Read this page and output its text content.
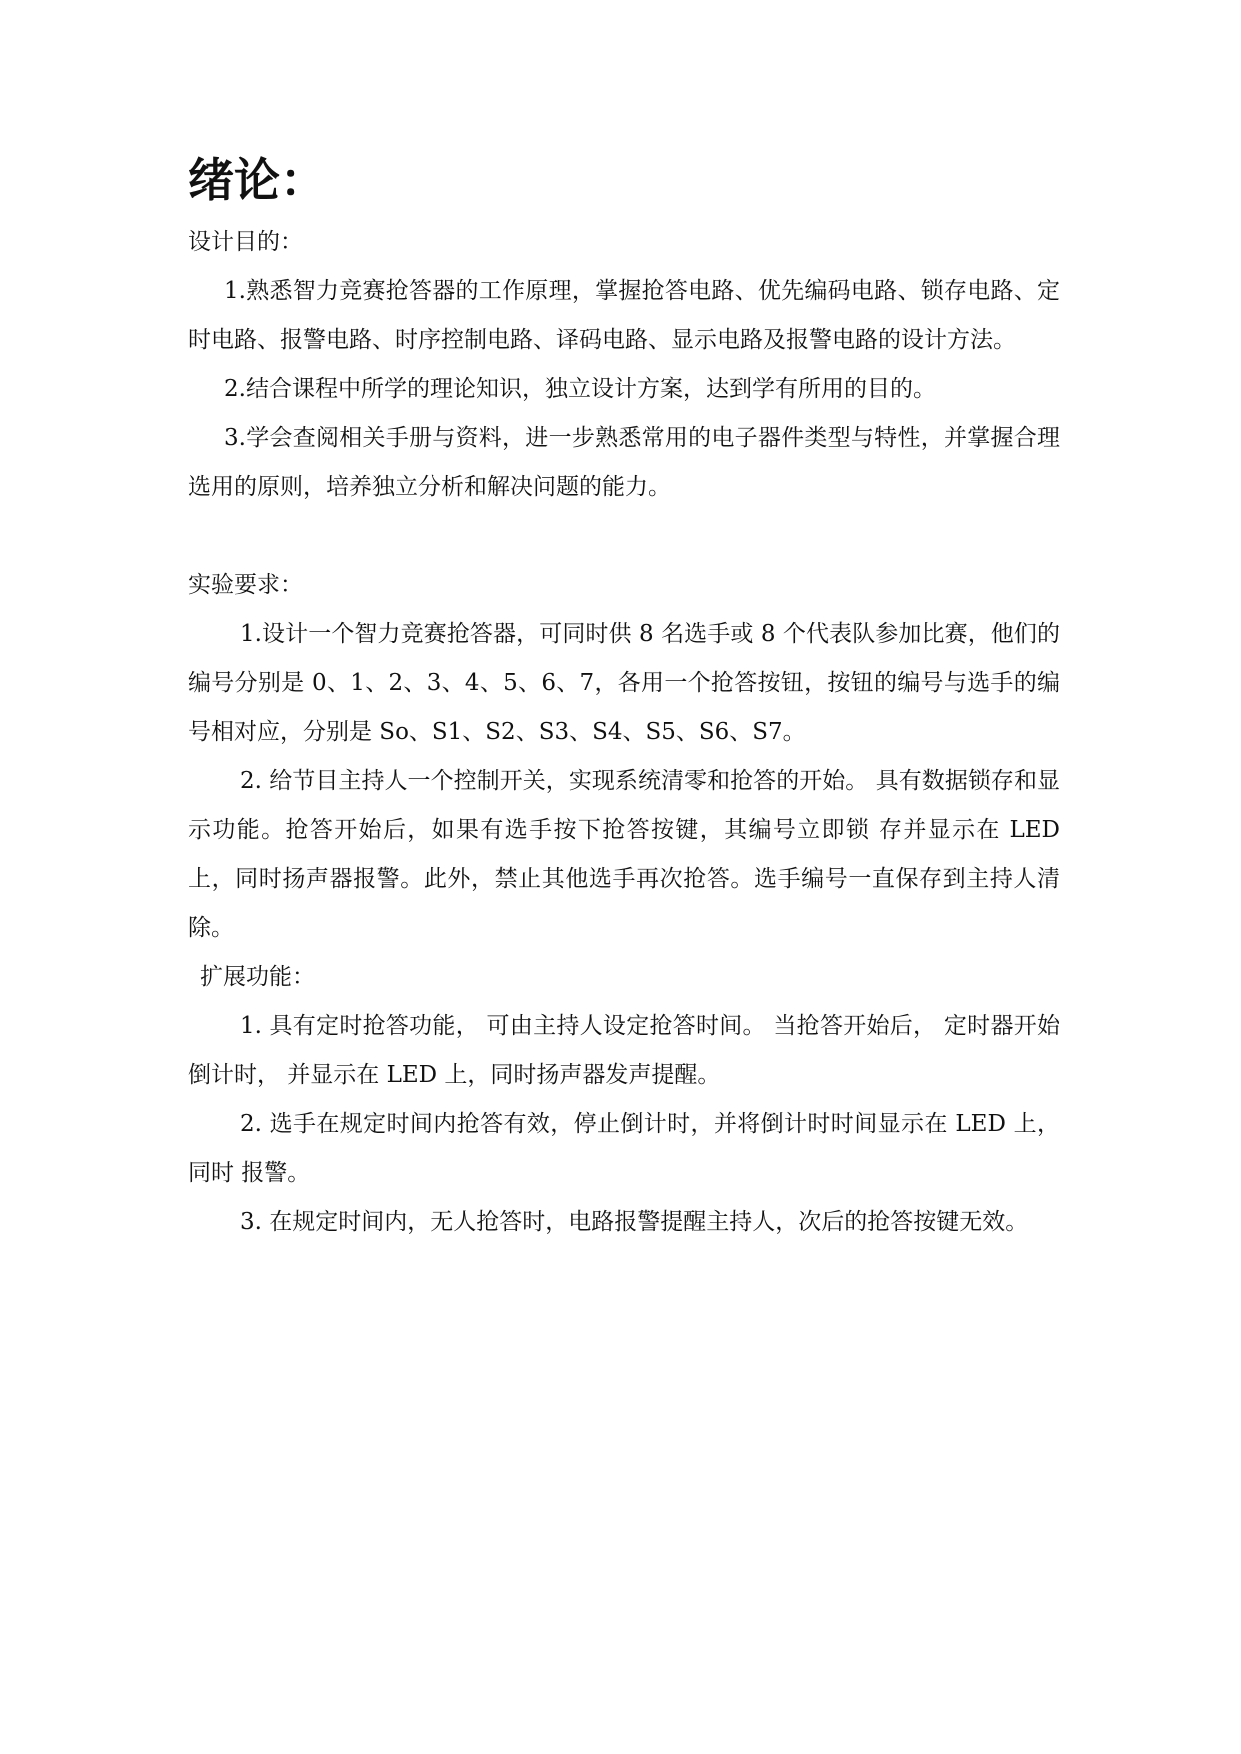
绪论：

设计目的：

1.熟悉智力竞赛抢答器的工作原理，掌握抢答电路、优先编码电路、锁存电路、定时电路、报警电路、时序控制电路、译码电路、显示电路及报警电路的设计方法。

2.结合课程中所学的理论知识，独立设计方案，达到学有所用的目的。

3.学会查阅相关手册与资料，进一步熟悉常用的电子器件类型与特性，并掌握合理选用的原则，培养独立分析和解决问题的能力。

实验要求：

1.设计一个智力竞赛抢答器，可同时供 8 名选手或 8 个代表队参加比赛，他们的编号分别是 0、1、2、3、4、5、6、7，各用一个抢答按钮，按钮的编号与选手的编号相对应，分别是 So、S1、S2、S3、S4、S5、S6、S7。

2. 给节目主持人一个控制开关，实现系统清零和抢答的开始。 具有数据锁存和显示功能。抢答开始后，如果有选手按下抢答按键，其编号立即锁 存并显示在 LED 上，同时扬声器报警。此外，禁止其他选手再次抢答。选手编号一直保存到主持人清除。

扩展功能：

1. 具有定时抢答功能， 可由主持人设定抢答时间。 当抢答开始后， 定时器开始倒计时， 并显示在 LED 上，同时扬声器发声提醒。

2. 选手在规定时间内抢答有效，停止倒计时，并将倒计时时间显示在 LED 上，同时 报警。

3. 在规定时间内，无人抢答时，电路报警提醒主持人，次后的抢答按键无效。
